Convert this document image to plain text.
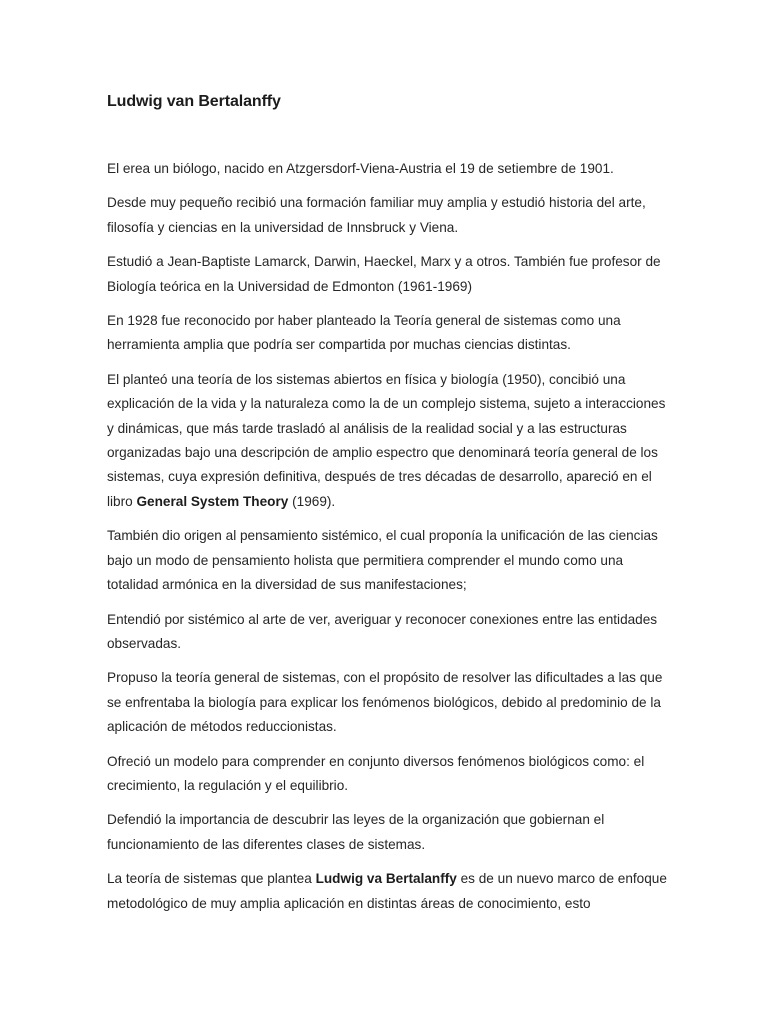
Ludwig van Bertalanffy

El erea un biólogo, nacido en Atzgersdorf-Viena-Austria el 19 de setiembre de 1901.

Desde muy pequeño recibió una formación familiar muy amplia y estudió historia del arte, filosofía y ciencias en la universidad de Innsbruck y Viena.

Estudió a Jean-Baptiste Lamarck, Darwin, Haeckel, Marx y a otros. También fue profesor de Biología teórica en la Universidad de Edmonton (1961-1969)

En 1928 fue reconocido por haber planteado la Teoría general de sistemas como una herramienta amplia que podría ser compartida por muchas ciencias distintas.

El planteó una teoría de los sistemas abiertos en física y biología (1950), concibió una explicación de la vida y la naturaleza como la de un complejo sistema, sujeto a interacciones y dinámicas, que más tarde trasladó al análisis de la realidad social y a las estructuras organizadas bajo una descripción de amplio espectro que denominará teoría general de los sistemas, cuya expresión definitiva, después de tres décadas de desarrollo, apareció en el libro General System Theory (1969).

También dio origen al pensamiento sistémico, el cual proponía la unificación de las ciencias bajo un modo de pensamiento holista que permitiera comprender el mundo como una totalidad armónica en la diversidad de sus manifestaciones;

Entendió por sistémico al arte de ver, averiguar y reconocer conexiones entre las entidades observadas.

Propuso la teoría general de sistemas, con el propósito de resolver las dificultades a las que se enfrentaba la biología para explicar los fenómenos biológicos, debido al predominio de la aplicación de métodos reduccionistas.

Ofreció un modelo para comprender en conjunto diversos fenómenos biológicos como: el crecimiento, la regulación y el equilibrio.

Defendió la importancia de descubrir las leyes de la organización que gobiernan el funcionamiento de las diferentes clases de sistemas.

La teoría de sistemas que plantea Ludwig va Bertalanffy es de un nuevo marco de enfoque metodológico de muy amplia aplicación en distintas áreas de conocimiento, esto
